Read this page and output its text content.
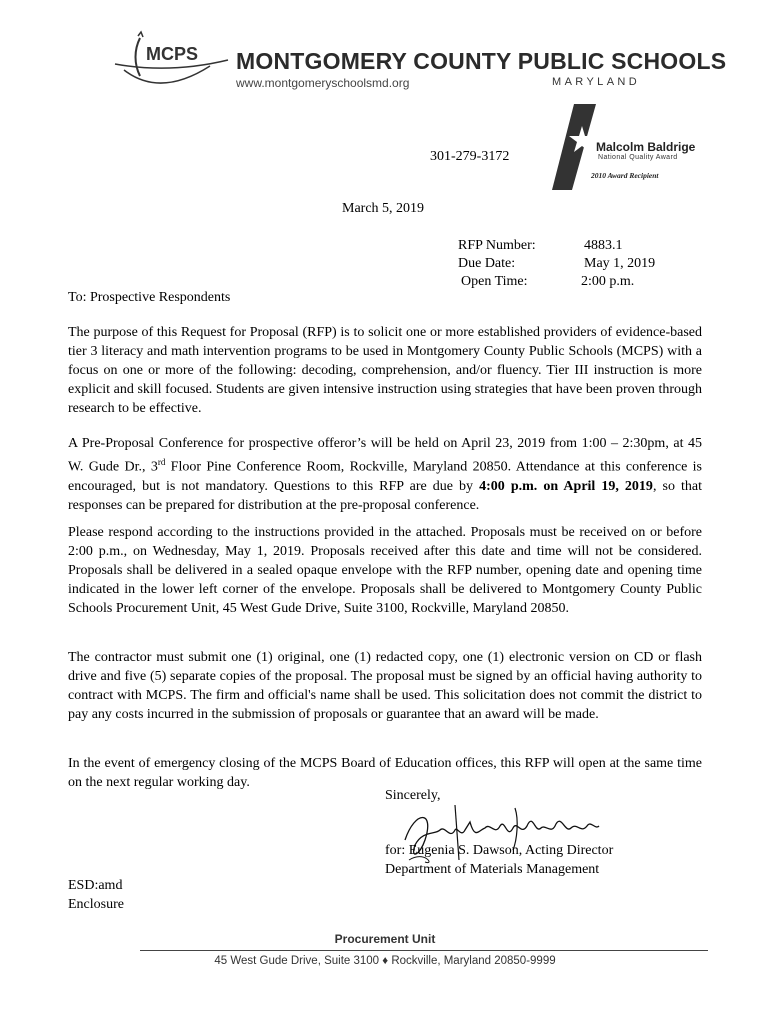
MCPS MONTGOMERY COUNTY PUBLIC SCHOOLS
www.montgomeryschoolsmd.org	MARYLAND
Malcolm Baldrige
National Quality Award
2010 Award Recipient
301-279-3172
March 5, 2019
RFP Number:	4883.1
Due Date:	May 1, 2019
Open Time:	2:00 p.m.
To: Prospective Respondents
The purpose of this Request for Proposal (RFP) is to solicit one or more established providers of evidence-based tier 3 literacy and math intervention programs to be used in Montgomery County Public Schools (MCPS) with a focus on one or more of the following: decoding, comprehension, and/or fluency. Tier III instruction is more explicit and skill focused. Students are given intensive instruction using strategies that have been proven through research to be effective.
A Pre-Proposal Conference for prospective offeror’s will be held on April 23, 2019 from 1:00 – 2:30pm, at 45 W. Gude Dr., 3rd Floor Pine Conference Room, Rockville, Maryland 20850. Attendance at this conference is encouraged, but is not mandatory. Questions to this RFP are due by 4:00 p.m. on April 19, 2019, so that responses can be prepared for distribution at the pre-proposal conference.
Please respond according to the instructions provided in the attached. Proposals must be received on or before 2:00 p.m., on Wednesday, May 1, 2019. Proposals received after this date and time will not be considered. Proposals shall be delivered in a sealed opaque envelope with the RFP number, opening date and opening time indicated in the lower left corner of the envelope. Proposals shall be delivered to Montgomery County Public Schools Procurement Unit, 45 West Gude Drive, Suite 3100, Rockville, Maryland 20850.
The contractor must submit one (1) original, one (1) redacted copy, one (1) electronic version on CD or flash drive and five (5) separate copies of the proposal. The proposal must be signed by an official having authority to contract with MCPS. The firm and official's name shall be used. This solicitation does not commit the district to pay any costs incurred in the submission of proposals or guarantee that an award will be made.
In the event of emergency closing of the MCPS Board of Education offices, this RFP will open at the same time on the next regular working day.
Sincerely,
for: Eugenia S. Dawson, Acting Director
Department of Materials Management
ESD:amd
Enclosure
Procurement Unit
45 West Gude Drive, Suite 3100 ♦ Rockville, Maryland 20850-9999
